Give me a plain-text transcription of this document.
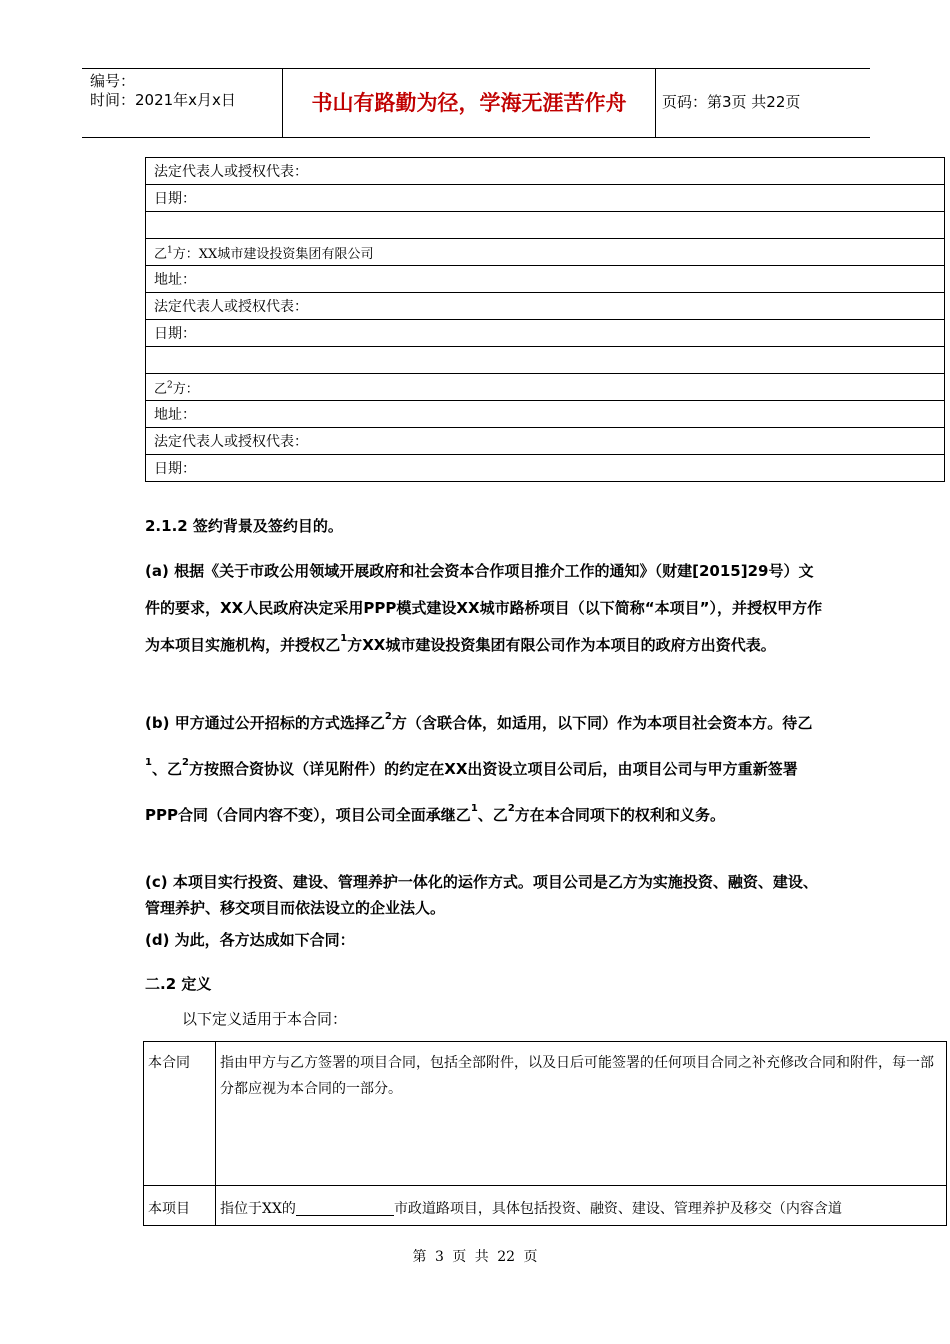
编号：
时间：2021年x月x日	书山有路勤为径，学海无涯苦作舟	页码：第3页 共22页
法定代表人或授权代表：
日期：

乙$^1$方：XX城市建设投资集团有限公司
地址：
法定代表人或授权代表：
日期：

乙$^2$方：
地址：
法定代表人或授权代表：
日期：

2.1.2 签约背景及签约目的。

(a) 根据《关于市政公用领域开展政府和社会资本合作项目推介工作的通知》（财建[2015]29号）文件的要求，XX人民政府决定采用PPP模式建设XX城市路桥项目（以下简称“本项目”），并授权甲方作为本项目实施机构，并授权乙$^1$方XX城市建设投资集团有限公司作为本项目的政府方出资代表。

(b) 甲方通过公开招标的方式选择乙$^2$方（含联合体，如适用，以下同）作为本项目社会资本方。待乙$^1$、乙$^2$方按照合资协议（详见附件）的约定在XX出资设立项目公司后，由项目公司与甲方重新签署PPP合同（合同内容不变），项目公司全面承继乙$^1$、乙$^2$方在本合同项下的权利和义务。

(c) 本项目实行投资、建设、管理养护一体化的运作方式。项目公司是乙方为实施投资、融资、建设、管理养护、移交项目而依法设立的企业法人。

(d) 为此，各方达成如下合同：

二.2 定义

以下定义适用于本合同：

本合同	指由甲方与乙方签署的项目合同，包括全部附件，以及日后可能签署的任何项目合同之补充修改合同和附件，每一部分都应视为本合同的一部分。
本项目	指位于XX的 市政道路项目，具体包括投资、融资、建设、管理养护及移交（内容含道
第 3 页 共 22 页
